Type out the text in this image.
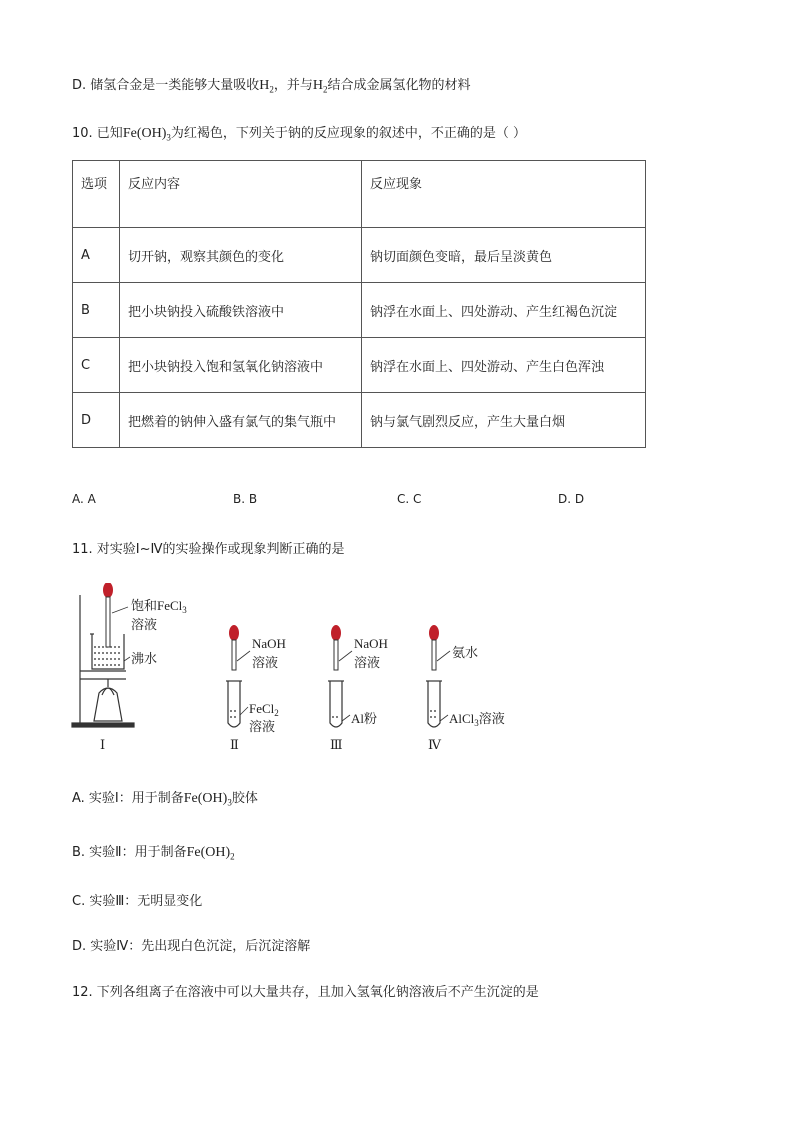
D. 储氢合金是一类能够大量吸收$H_2$，并与$H_2$结合成金属氢化物的材料
10. 已知$Fe(OH)_3$为红褐色，下列关于钠的反应现象的叙述中，不正确的是（ ）
选项	反应内容	反应现象
A	切开钠，观察其颜色的变化	钠切面颜色变暗，最后呈淡黄色
B	把小块钠投入硫酸铁溶液中	钠浮在水面上、四处游动、产生红褐色沉淀
C	把小块钠投入饱和氢氧化钠溶液中	钠浮在水面上、四处游动、产生白色浑浊
D	把燃着的钠伸入盛有氯气的集气瓶中	钠与氯气剧烈反应，产生大量白烟
A. A	B. B	C. C	D. D
11. 对实验Ⅰ~Ⅳ的实验操作或现象判断正确的是
饱和FeCl$_3$
溶液
沸水
Ⅰ
NaOH
溶液
FeCl$_2$
溶液
Ⅱ
NaOH
溶液
Al粉
Ⅲ
氨水
AlCl$_3$溶液
Ⅳ
A. 实验Ⅰ：用于制备$Fe(OH)_3$胶体
B. 实验Ⅱ：用于制备$Fe(OH)_2$
C. 实验Ⅲ：无明显变化
D. 实验Ⅳ：先出现白色沉淀，后沉淀溶解
12. 下列各组离子在溶液中可以大量共存，且加入氢氧化钠溶液后不产生沉淀的是
